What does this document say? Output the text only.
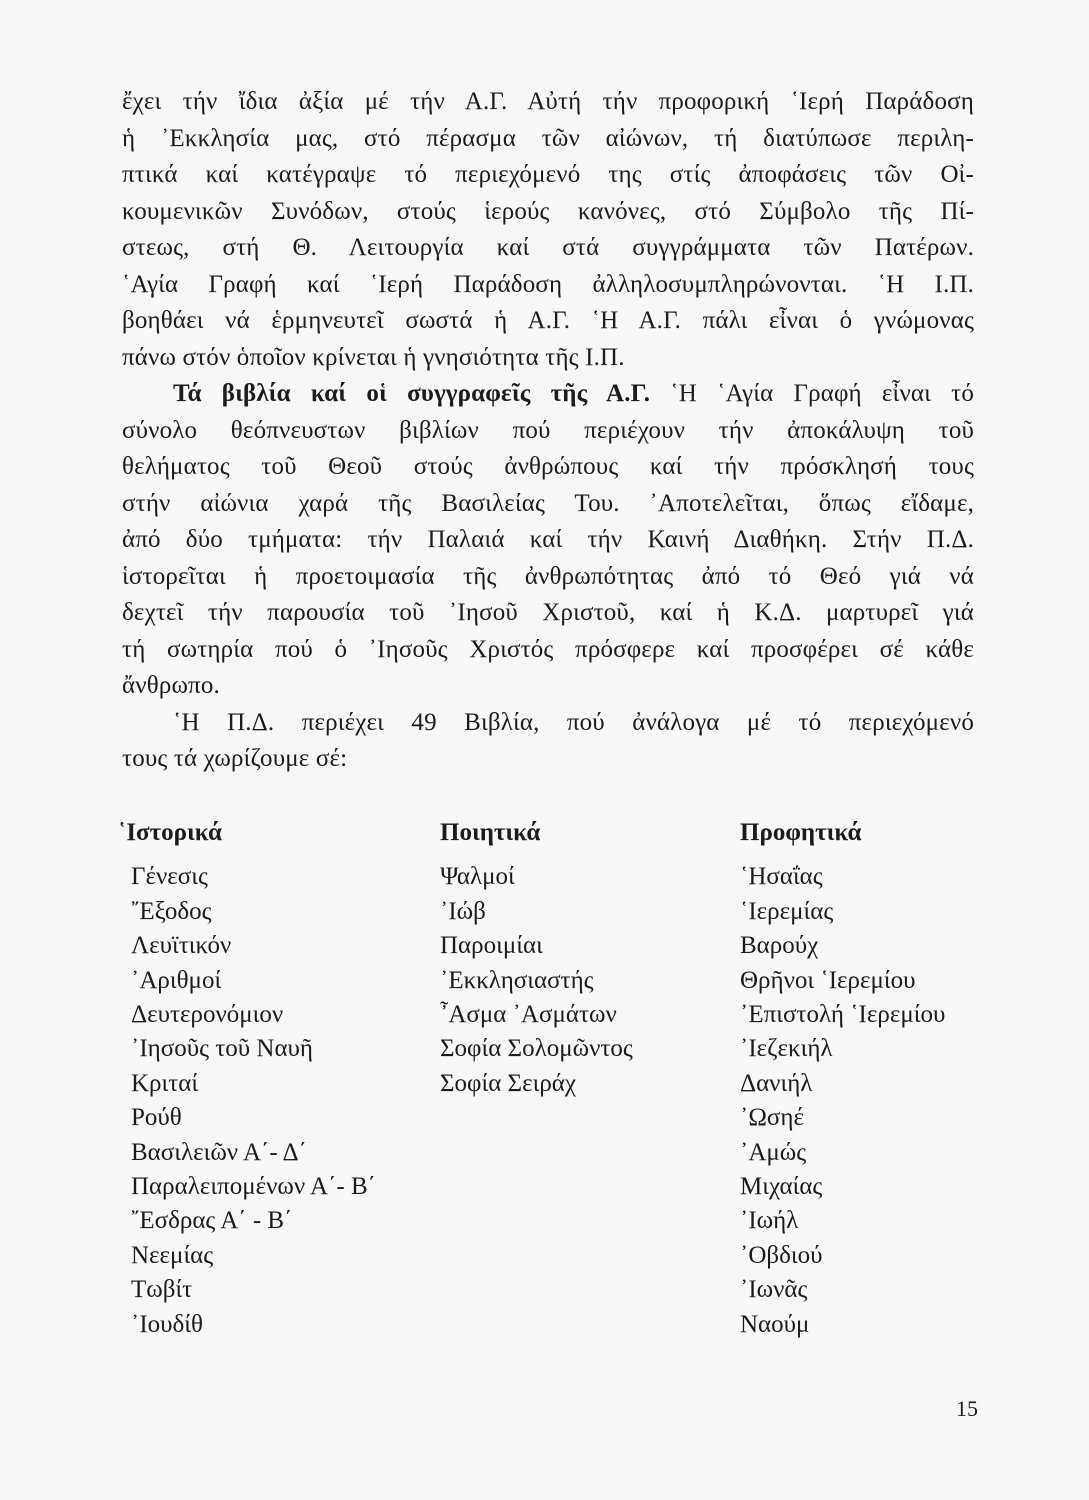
ἔχει τήν ἴδια ἀξία μέ τήν Α.Γ. Αὐτή τήν προφορική ῾Ιερή Παράδοση
ἡ ᾿Εκκλησία μας, στό πέρασμα τῶν αἰώνων, τή διατύπωσε περιλη-
πτικά καί κατέγραψε τό περιεχόμενό της στίς ἀποφάσεις τῶν Οἰ-
κουμενικῶν Συνόδων, στούς ἱερούς κανόνες, στό Σύμβολο τῆς Πί-
στεως, στή Θ. Λειτουργία καί στά συγγράμματα τῶν Πατέρων.
῾Αγία Γραφή καί ῾Ιερή Παράδοση ἀλληλοσυμπληρώνονται. ῾Η Ι.Π.
βοηθάει νά ἑρμηνευτεῖ σωστά ἡ Α.Γ. ῾Η Α.Γ. πάλι εἶναι ὁ γνώμονας
πάνω στόν ὁποῖον κρίνεται ἡ γνησιότητα τῆς Ι.Π.
Τά βιβλία καί οἱ συγγραφεῖς τῆς Α.Γ. ῾Η ῾Αγία Γραφή εἶναι τό
σύνολο θεόπνευστων βιβλίων πού περιέχουν τήν ἀποκάλυψη τοῦ
θελήματος τοῦ Θεοῦ στούς ἀνθρώπους καί τήν πρόσκλησή τους
στήν αἰώνια χαρά τῆς Βασιλείας Του. ᾿Αποτελεῖται, ὅπως εἴδαμε,
ἀπό δύο τμήματα: τήν Παλαιά καί τήν Καινή Διαθήκη. Στήν Π.Δ.
ἱστορεῖται ἡ προετοιμασία τῆς ἀνθρωπότητας ἀπό τό Θεό γιά νά
δεχτεῖ τήν παρουσία τοῦ ᾿Ιησοῦ Χριστοῦ, καί ἡ Κ.Δ. μαρτυρεῖ γιά
τή σωτηρία πού ὁ ᾿Ιησοῦς Χριστός πρόσφερε καί προσφέρει σέ κάθε
ἄνθρωπο.
῾Η Π.Δ. περιέχει 49 Βιβλία, πού ἀνάλογα μέ τό περιεχόμενό
τους τά χωρίζουμε σέ:
῾Ιστορικά
Γένεσις
῎Εξοδος
Λευϊτικόν
᾿Αριθμοί
Δευτερονόμιον
᾿Ιησοῦς τοῦ Ναυῆ
Κριταί
Ρούθ
Βασιλειῶν Α΄- Δ΄
Παραλειπομένων Α΄- Β΄
῎Εσδρας Α΄ - Β΄
Νεεμίας
Τωβίτ
᾿Ιουδίθ
Ποιητικά
Ψαλμοί
᾿Ιώβ
Παροιμίαι
᾿Εκκλησιαστής
῏Ασμα ᾿Ασμάτων
Σοφία Σολομῶντος
Σοφία Σειράχ
Προφητικά
῾Ησαΐας
῾Ιερεμίας
Βαρούχ
Θρῆνοι ῾Ιερεμίου
᾿Επιστολή ῾Ιερεμίου
᾿Ιεζεκιήλ
Δανιήλ
᾿Ωσηέ
᾿Αμώς
Μιχαίας
᾿Ιωήλ
᾿Οβδιού
᾿Ιωνᾶς
Ναούμ
15
